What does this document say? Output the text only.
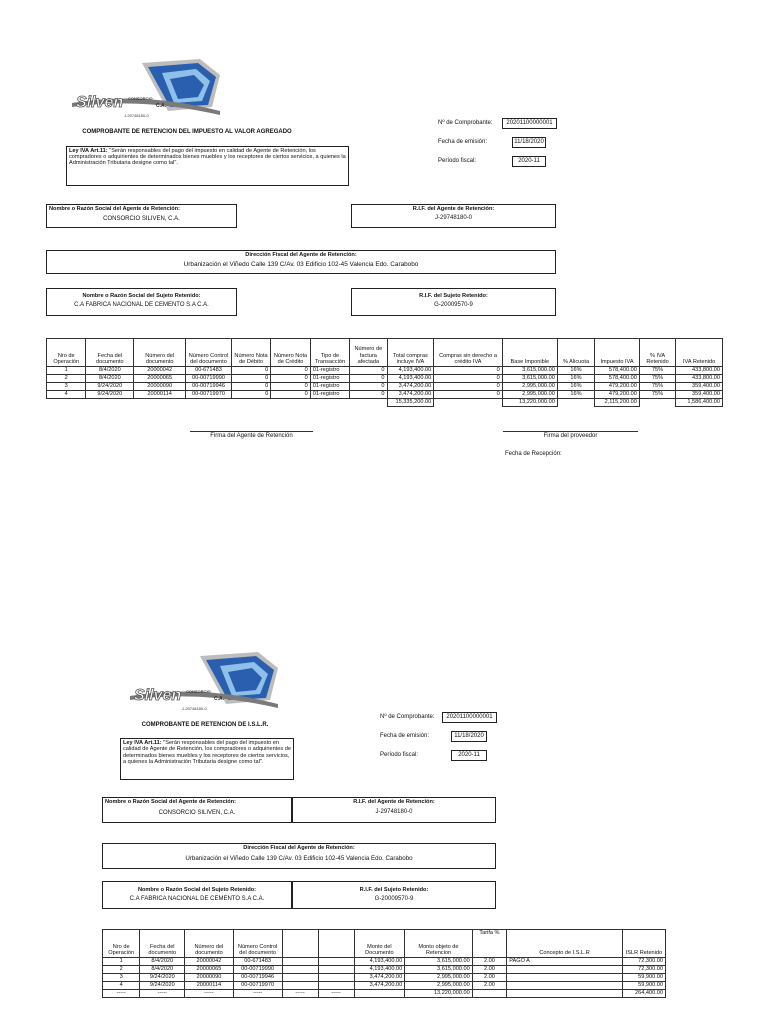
Silven CONSORCIO
C.A.
J-29748180-0
COMPROBANTE DE RETENCION DEL IMPUESTO AL VALOR AGREGADO
Ley IVA Art.11: "Serán responsables del pago del impuesto en calidad de Agente de Retención, los compradores o adquirientes de determinados bienes muebles y los receptores de ciertos servicios, a quienes la Administración Tributaria designe como tal".
Nº de Comprobante:	20201100000001
Fecha de emisión:	11/18/2020
Período fiscal:	2020-11
Nombre o Razón Social del Agente de Retención:
CONSORCIO SILIVEN, C.A.
R.I.F. del Agente de Retención:
J-29748180-0
Dirección Fiscal del Agente de Retención:
Urbanización el Viñedo Calle 139 C/Av. 03 Edificio 102-45 Valencia Edo. Carabobo
Nombre o Razón Social del Sujeto Retenido:
C.A FABRICA NACIONAL DE CEMENTO S.A C.A.
R.I.F. del Sujeto Retenido:
G-20009570-9
Nro de Operación	Fecha del documento	Número del documento	Número Control del documento	Número Nota de Débito	Número Nota de Crédito	Tipo de Transacción	Número de factura afectada	Total compras incluye IVA	Compras sin derecho a crédito IVA	Base Imponible	% Alicuota	Impuesto IVA	% IVA Retenido	IVA Retenido
1	8/4/2020	20000042	00-671483	0	0	01-registro	0	4,193,400.00	0	3,615,000.00	16%	578,400.00	75%	433,800.00
2	8/4/2020	20000065	00-00719990	0	0	01-registro	0	4,193,400.00	0	3,615,000.00	16%	578,400.00	75%	433,800.00
3	9/24/2020	20000090	00-00719946	0	0	01-registro	0	3,474,200.00	0	2,995,000.00	16%	479,200.00	75%	359,400.00
4	9/24/2020	20000114	00-00719970	0	0	01-registro	0	3,474,200.00	0	2,995,000.00	16%	479,200.00	75%	359,400.00
								15,335,200.00		13,220,000.00		2,115,200.00		1,586,400.00
Firma del Agente de Retención	Firma del proveedor
Fecha de Recepción:
Silven CONSORCIO
C.A.
J-29748180-0
COMPROBANTE DE RETENCION DE I.S.L.R.
Ley IVA Art.11: "Serán responsables del pago del impuesto en calidad de Agente de Retención, los compradores o adquirientes de determinados bienes muebles y los receptores de ciertos servicios, a quienes la Administración Tributaria designe como tal".
Nº de Comprobante:	20201100000001
Fecha de emisión:	11/18/2020
Período fiscal:	2020-11
Nombre o Razón Social del Agente de Retención:
CONSORCIO SILIVEN, C.A.
R.I.F. del Agente de Retención:
J-29748180-0
Dirección Fiscal del Agente de Retención:
Urbanización el Viñedo Calle 139 C/Av. 03 Edificio 102-45 Valencia Edo. Carabobo
Nombre o Razón Social del Sujeto Retenido:
C.A FABRICA NACIONAL DE CEMENTO S.A C.A.
R.I.F. del Sujeto Retenido:
G-20009570-9
Nro de Operación	Fecha del documento	Número del documento	Número Control del documento			Monto del Documento	Monto objeto de Retencion	Tarifa %	Concepto de I.S.L.R	ISLR Retenido
1	8/4/2020	20000042	00-671483			4,193,400.00	3,615,000.00	2.00	PAGO A	72,300.00
2	8/4/2020	20000065	00-00719990			4,193,400.00	3,615,000.00	2.00		72,300.00
3	9/24/2020	20000090	00-00719946			3,474,200.00	2,995,000.00	2.00		59,900.00
4	9/24/2020	20000114	00-00719970			3,474,200.00	2,995,000.00	2.00		59,900.00
-----	-----	-----	-----	-----	-----		13,220,000.00			264,400.00
